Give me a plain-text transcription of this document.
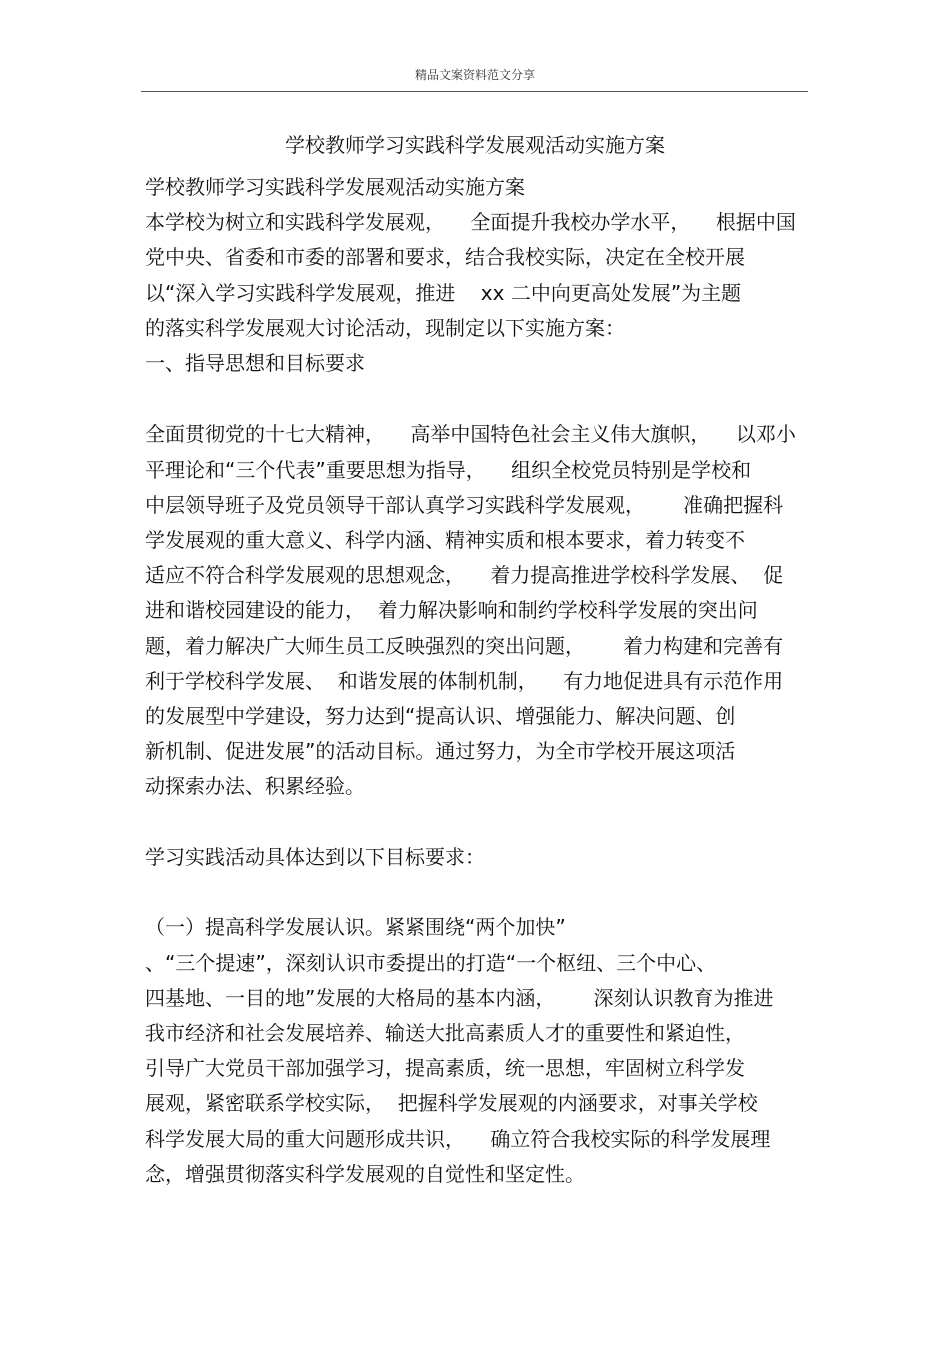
精品文案资料范文分享
学校教师学习实践科学发展观活动实施方案
学校教师学习实践科学发展观活动实施方案
本学校为树立和实践科学发展观，    全面提升我校办学水平，    根据中国
党中央、省委和市委的部署和要求，结合我校实际，决定在全校开展
以“深入学习实践科学发展观，推进    xx 二中向更高处发展”为主题
的落实科学发展观大讨论活动，现制定以下实施方案：
一、指导思想和目标要求
全面贯彻党的十七大精神，    高举中国特色社会主义伟大旗帜，    以邓小
平理论和“三个代表”重要思想为指导，    组织全校党员特别是学校和
中层领导班子及党员领导干部认真学习实践科学发展观，      准确把握科
学发展观的重大意义、科学内涵、精神实质和根本要求，着力转变不
适应不符合科学发展观的思想观念，    着力提高推进学校科学发展、  促
进和谐校园建设的能力，  着力解决影响和制约学校科学发展的突出问
题，着力解决广大师生员工反映强烈的突出问题，      着力构建和完善有
利于学校科学发展、  和谐发展的体制机制，    有力地促进具有示范作用
的发展型中学建设，努力达到“提高认识、增强能力、解决问题、创
新机制、促进发展”的活动目标。通过努力，为全市学校开展这项活
动探索办法、积累经验。
学习实践活动具体达到以下目标要求：
（一）提高科学发展认识。紧紧围绕“两个加快”
、“三个提速”，深刻认识市委提出的打造“一个枢纽、三个中心、
四基地、一目的地”发展的大格局的基本内涵，      深刻认识教育为推进
我市经济和社会发展培养、输送大批高素质人才的重要性和紧迫性，
引导广大党员干部加强学习，提高素质，统一思想，牢固树立科学发
展观，紧密联系学校实际，  把握科学发展观的内涵要求，对事关学校
科学发展大局的重大问题形成共识，    确立符合我校实际的科学发展理
念，增强贯彻落实科学发展观的自觉性和坚定性。
